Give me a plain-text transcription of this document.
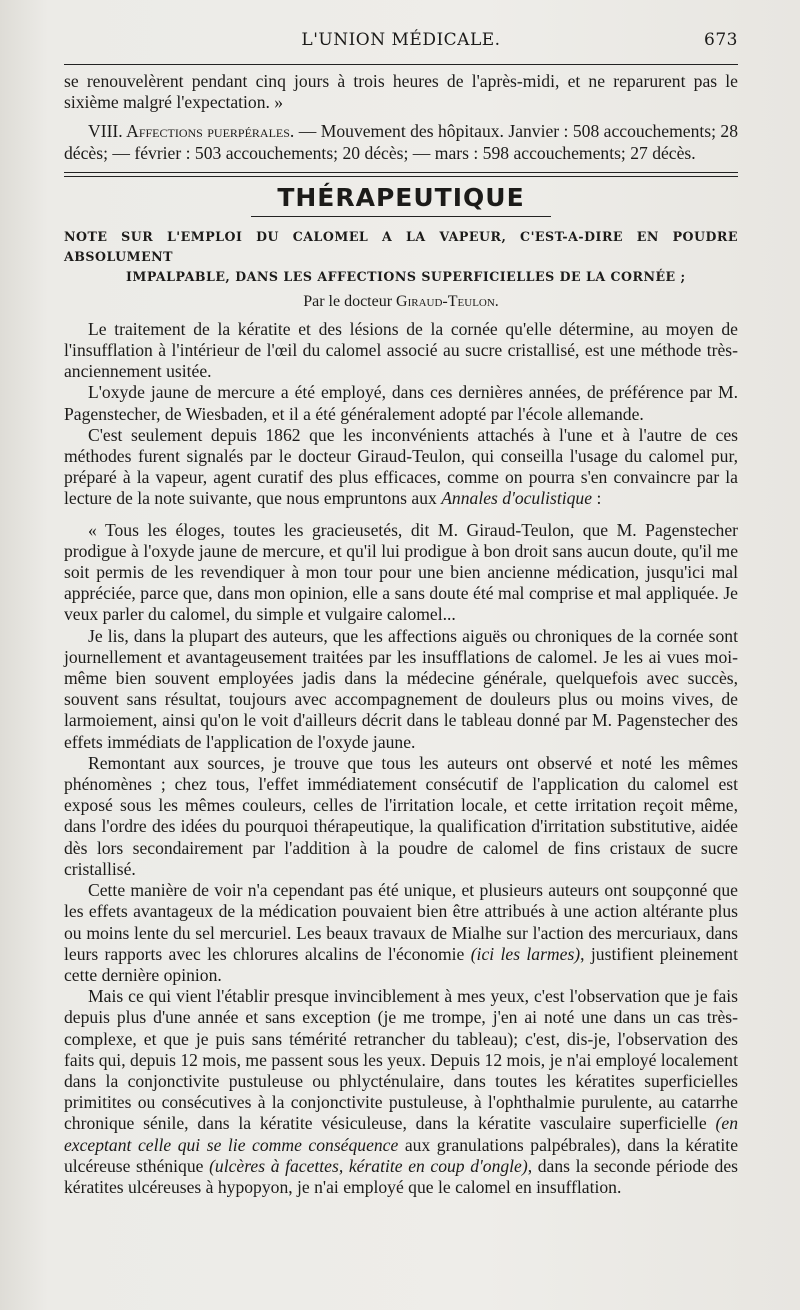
L'UNION MÉDICALE.	673

se renouvelèrent pendant cinq jours à trois heures de l'après-midi, et ne reparurent pas le sixième malgré l'expectation. »

VIII. Affections puerpérales. — Mouvement des hôpitaux. Janvier : 508 accouchements; 28 décès; — février : 503 accouchements; 20 décès; — mars : 598 accouchements; 27 décès.

THÉRAPEUTIQUE

NOTE SUR L'EMPLOI DU CALOMEL A LA VAPEUR, C'EST-A-DIRE EN POUDRE ABSOLUMENT
IMPALPABLE, DANS LES AFFECTIONS SUPERFICIELLES DE LA CORNÉE ;

Par le docteur Giraud-Teulon.

Le traitement de la kératite et des lésions de la cornée qu'elle détermine, au moyen de l'insufflation à l'intérieur de l'œil du calomel associé au sucre cristallisé, est une méthode très-anciennement usitée.

L'oxyde jaune de mercure a été employé, dans ces dernières années, de préférence par M. Pagenstecher, de Wiesbaden, et il a été généralement adopté par l'école allemande.

C'est seulement depuis 1862 que les inconvénients attachés à l'une et à l'autre de ces méthodes furent signalés par le docteur Giraud-Teulon, qui conseilla l'usage du calomel pur, préparé à la vapeur, agent curatif des plus efficaces, comme on pourra s'en convaincre par la lecture de la note suivante, que nous empruntons aux Annales d'oculistique :

« Tous les éloges, toutes les gracieusetés, dit M. Giraud-Teulon, que M. Pagenstecher prodigue à l'oxyde jaune de mercure, et qu'il lui prodigue à bon droit sans aucun doute, qu'il me soit permis de les revendiquer à mon tour pour une bien ancienne médication, jusqu'ici mal appréciée, parce que, dans mon opinion, elle a sans doute été mal comprise et mal appliquée. Je veux parler du calomel, du simple et vulgaire calomel...

Je lis, dans la plupart des auteurs, que les affections aiguës ou chroniques de la cornée sont journellement et avantageusement traitées par les insufflations de calomel. Je les ai vues moi-même bien souvent employées jadis dans la médecine générale, quelquefois avec succès, souvent sans résultat, toujours avec accompagnement de douleurs plus ou moins vives, de larmoiement, ainsi qu'on le voit d'ailleurs décrit dans le tableau donné par M. Pagenstecher des effets immédiats de l'application de l'oxyde jaune.

Remontant aux sources, je trouve que tous les auteurs ont observé et noté les mêmes phénomènes ; chez tous, l'effet immédiatement consécutif de l'application du calomel est exposé sous les mêmes couleurs, celles de l'irritation locale, et cette irritation reçoit même, dans l'ordre des idées du pourquoi thérapeutique, la qualification d'irritation substitutive, aidée dès lors secondairement par l'addition à la poudre de calomel de fins cristaux de sucre cristallisé.

Cette manière de voir n'a cependant pas été unique, et plusieurs auteurs ont soupçonné que les effets avantageux de la médication pouvaient bien être attribués à une action altérante plus ou moins lente du sel mercuriel. Les beaux travaux de Mialhe sur l'action des mercuriaux, dans leurs rapports avec les chlorures alcalins de l'économie (ici les larmes), justifient pleinement cette dernière opinion.

Mais ce qui vient l'établir presque invinciblement à mes yeux, c'est l'observation que je fais depuis plus d'une année et sans exception (je me trompe, j'en ai noté une dans un cas très-complexe, et que je puis sans témérité retrancher du tableau); c'est, dis-je, l'observation des faits qui, depuis 12 mois, me passent sous les yeux. Depuis 12 mois, je n'ai employé localement dans la conjonctivite pustuleuse ou phlycténulaire, dans toutes les kératites superficielles primitites ou consécutives à la conjonctivite pustuleuse, à l'ophthalmie purulente, au catarrhe chronique sénile, dans la kératite vésiculeuse, dans la kératite vasculaire superficielle (en exceptant celle qui se lie comme conséquence aux granulations palpébrales), dans la kératite ulcéreuse sthénique (ulcères à facettes, kératite en coup d'ongle), dans la seconde période des kératites ulcéreuses à hypopyon, je n'ai employé que le calomel en insufflation.
